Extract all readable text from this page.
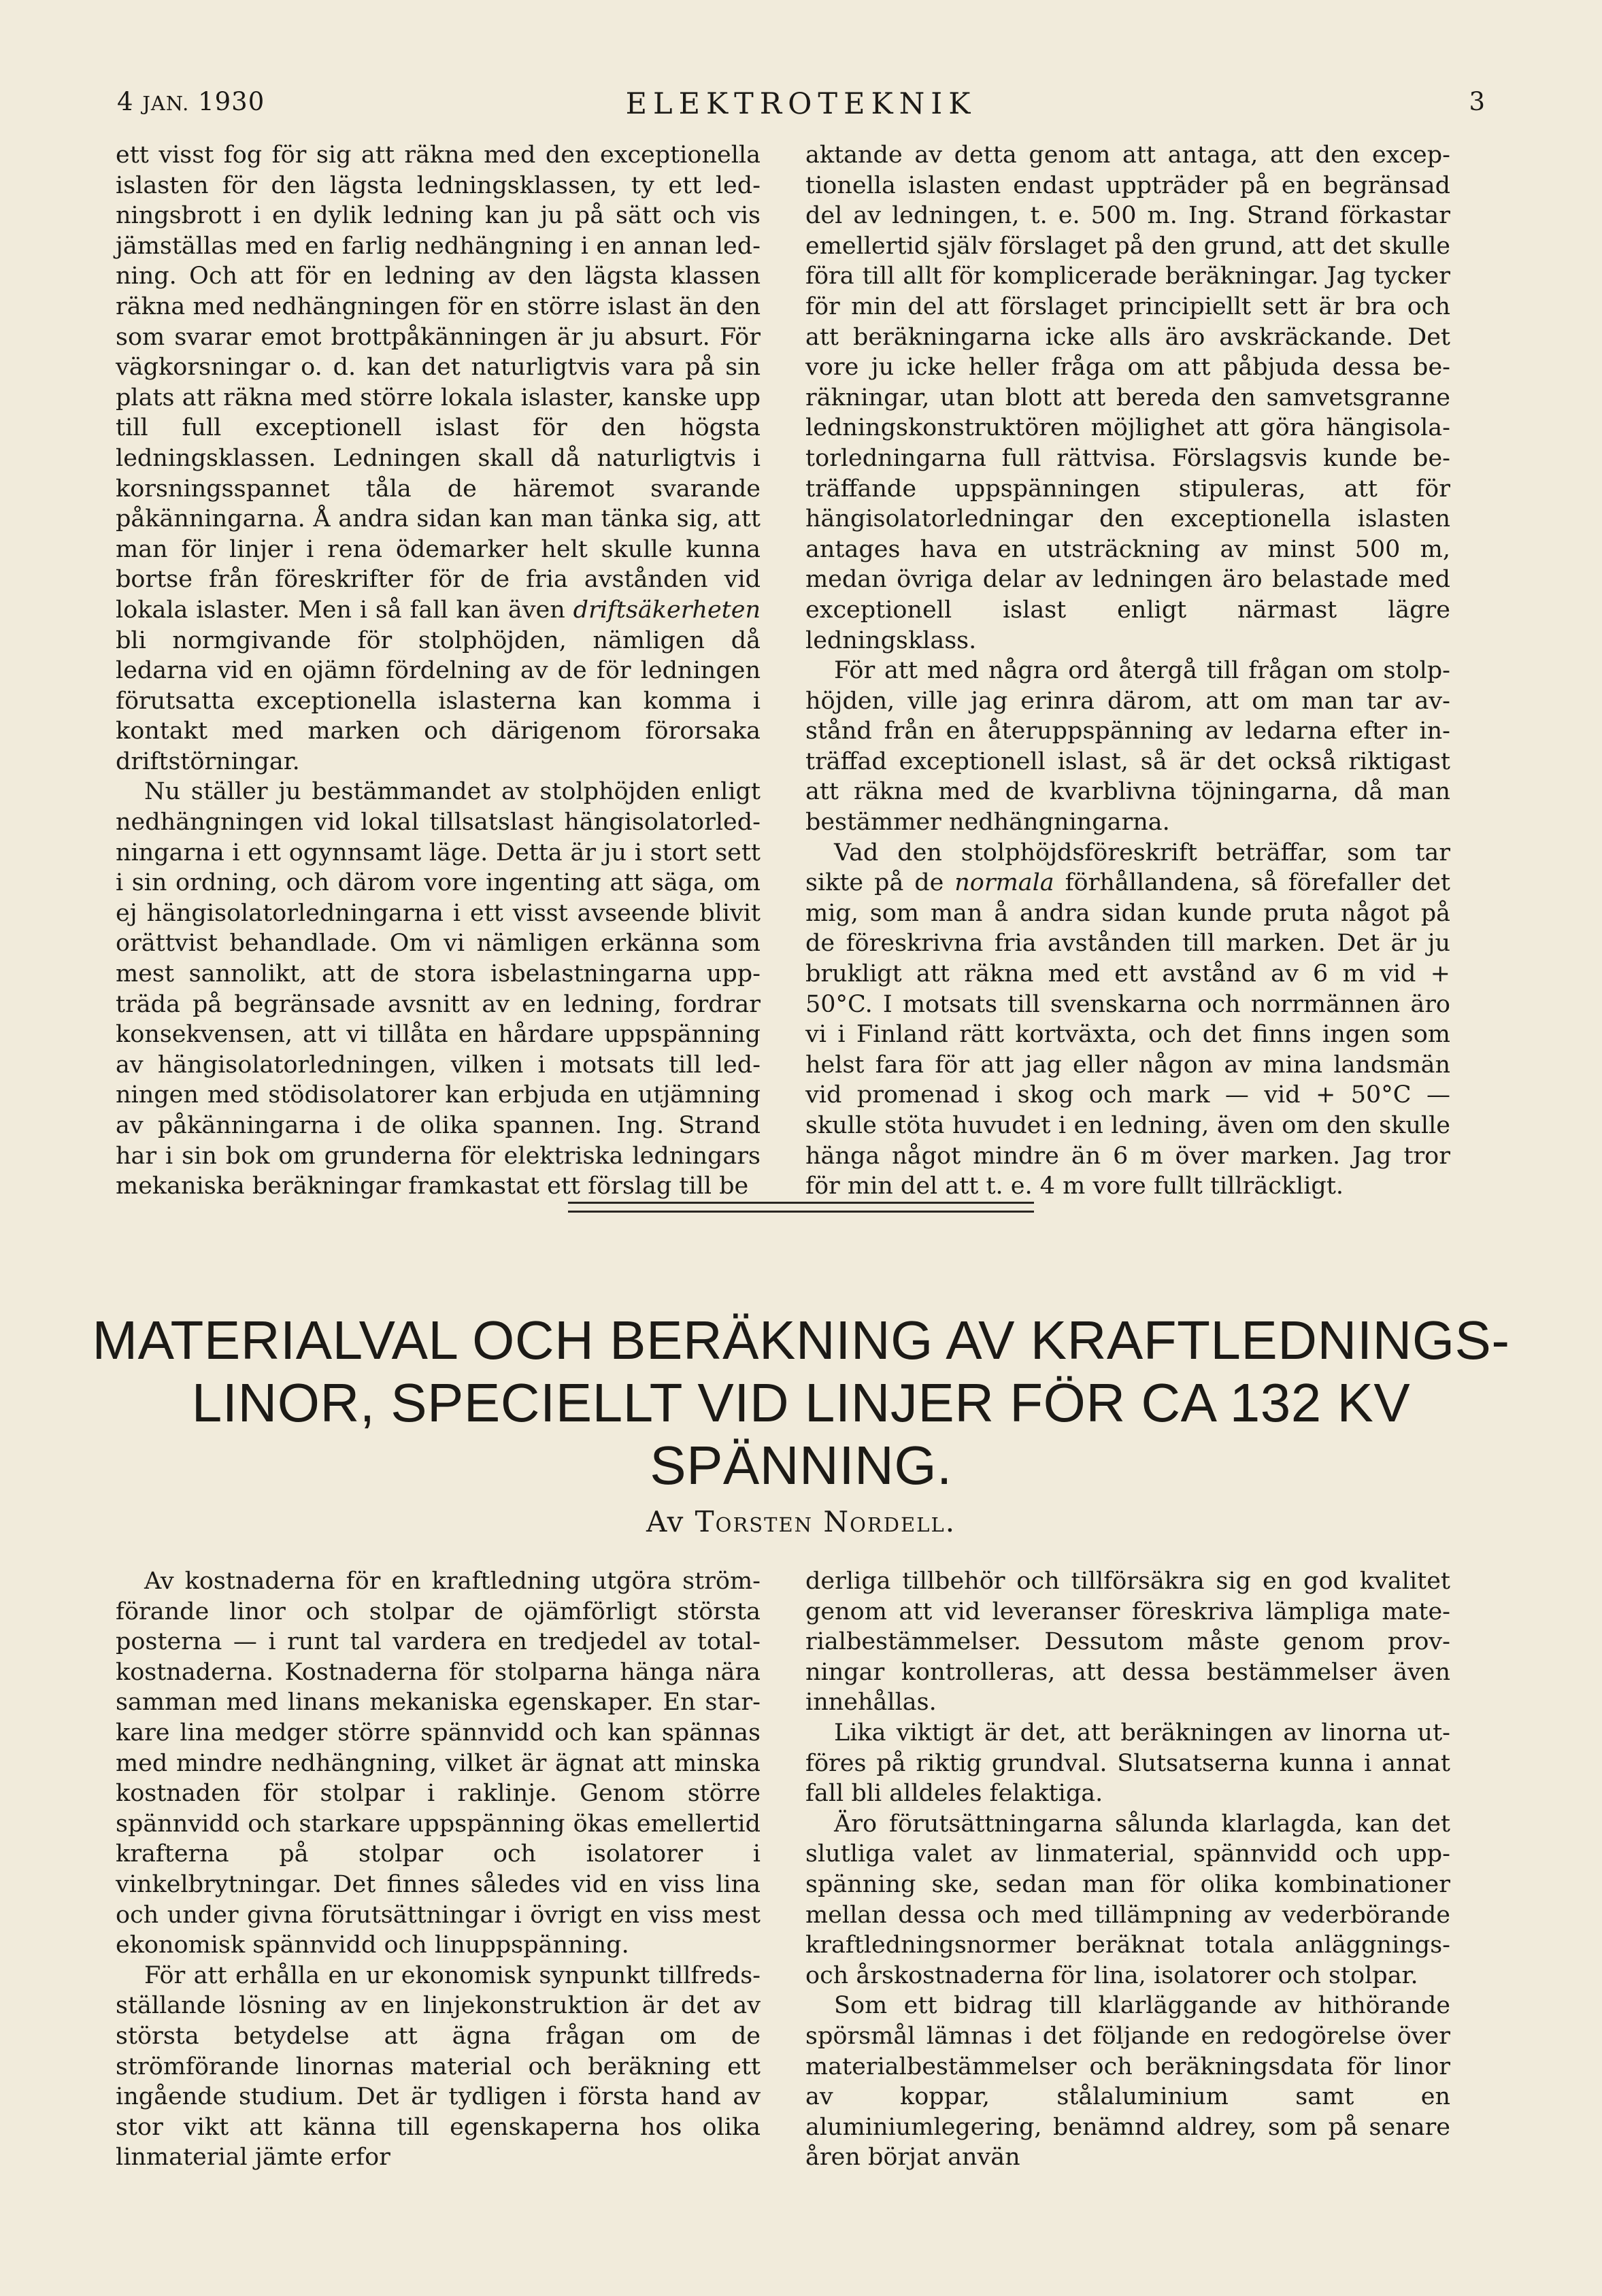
4 JAN. 1930	ELEKTROTEKNIK	3

ett visst fog för sig att räkna med den exceptionella islasten för den lägsta ledningsklassen, ty ett ledningsbrott i en dylik ledning kan ju på sätt och vis jämställas med en farlig nedhängning i en annan ledning. Och att för en ledning av den lägsta klassen räkna med nedhängningen för en större islast än den som svarar emot brottpåkänningen är ju absurt. För vägkorsningar o. d. kan det naturligtvis vara på sin plats att räkna med större lokala islaster, kanske upp till full exceptionell islast för den högsta ledningsklassen. Ledningen skall då naturligtvis i korsningsspannet tåla de häremot svarande påkänningarna. Å andra sidan kan man tänka sig, att man för linjer i rena ödemarker helt skulle kunna bortse från föreskrifter för de fria avstånden vid lokala islaster. Men i så fall kan även driftsäkerheten bli normgivande för stolphöjden, nämligen då ledarna vid en ojämn fördelning av de för ledningen förutsatta exceptionella islasterna kan komma i kontakt med marken och därigenom förorsaka driftstörningar.

Nu ställer ju bestämmandet av stolphöjden enligt nedhängningen vid lokal tillsatslast hängisolatorledningarna i ett ogynnsamt läge. Detta är ju i stort sett i sin ordning, och därom vore ingenting att säga, om ej hängisolatorledningarna i ett visst avseende blivit orättvist behandlade. Om vi nämligen erkänna som mest sannolikt, att de stora isbelastningarna uppträda på begränsade avsnitt av en ledning, fordrar konsekvensen, att vi tillåta en hårdare uppspänning av hängisolatorledningen, vilken i motsats till ledningen med stödisolatorer kan erbjuda en utjämning av påkänningarna i de olika spannen. Ing. Strand har i sin bok om grunderna för elektriska ledningars mekaniska beräkningar framkastat ett förslag till be

aktande av detta genom att antaga, att den exceptionella islasten endast uppträder på en begränsad del av ledningen, t. e. 500 m. Ing. Strand förkastar emellertid själv förslaget på den grund, att det skulle föra till allt för komplicerade beräkningar. Jag tycker för min del att förslaget principiellt sett är bra och att beräkningarna icke alls äro avskräckande. Det vore ju icke heller fråga om att påbjuda dessa beräkningar, utan blott att bereda den samvetsgranne ledningskonstruktören möjlighet att göra hängisolatorledningarna full rättvisa. Förslagsvis kunde beträffande uppspänningen stipuleras, att för hängisolatorledningar den exceptionella islasten antages hava en utsträckning av minst 500 m, medan övriga delar av ledningen äro belastade med exceptionell islast enligt närmast lägre ledningsklass.

För att med några ord återgå till frågan om stolphöjden, ville jag erinra därom, att om man tar avstånd från en återuppspänning av ledarna efter inträffad exceptionell islast, så är det också riktigast att räkna med de kvarblivna töjningarna, då man bestämmer nedhängningarna.

Vad den stolphöjdsföreskrift beträffar, som tar sikte på de normala förhållandena, så förefaller det mig, som man å andra sidan kunde pruta något på de föreskrivna fria avstånden till marken. Det är ju brukligt att räkna med ett avstånd av 6 m vid + 50°C. I motsats till svenskarna och norrmännen äro vi i Finland rätt kortväxta, och det finns ingen som helst fara för att jag eller någon av mina landsmän vid promenad i skog och mark — vid + 50°C — skulle stöta huvudet i en ledning, även om den skulle hänga något mindre än 6 m över marken. Jag tror för min del att t. e. 4 m vore fullt tillräckligt.

MATERIALVAL OCH BERÄKNING AV KRAFTLEDNINGS-
LINOR, SPECIELLT VID LINJER FÖR CA 132 KV
SPÄNNING.
Av Torsten Nordell.

Av kostnaderna för en kraftledning utgöra strömförande linor och stolpar de ojämförligt största posterna — i runt tal vardera en tredjedel av totalkostnaderna. Kostnaderna för stolparna hänga nära samman med linans mekaniska egenskaper. En starkare lina medger större spännvidd och kan spännas med mindre nedhängning, vilket är ägnat att minska kostnaden för stolpar i raklinje. Genom större spännvidd och starkare uppspänning ökas emellertid krafterna på stolpar och isolatorer i vinkelbrytningar. Det finnes således vid en viss lina och under givna förutsättningar i övrigt en viss mest ekonomisk spännvidd och linuppspänning.

För att erhålla en ur ekonomisk synpunkt tillfredsställande lösning av en linjekonstruktion är det av största betydelse att ägna frågan om de strömförande linornas material och beräkning ett ingående studium. Det är tydligen i första hand av stor vikt att känna till egenskaperna hos olika linmaterial jämte erfor

derliga tillbehör och tillförsäkra sig en god kvalitet genom att vid leveranser föreskriva lämpliga materialbestämmelser. Dessutom måste genom provningar kontrolleras, att dessa bestämmelser även innehållas.

Lika viktigt är det, att beräkningen av linorna utföres på riktig grundval. Slutsatserna kunna i annat fall bli alldeles felaktiga.

Äro förutsättningarna sålunda klarlagda, kan det slutliga valet av linmaterial, spännvidd och uppspänning ske, sedan man för olika kombinationer mellan dessa och med tillämpning av vederbörande kraftledningsnormer beräknat totala anläggnings- och årskostnaderna för lina, isolatorer och stolpar.

Som ett bidrag till klarläggande av hithörande spörsmål lämnas i det följande en redogörelse över materialbestämmelser och beräkningsdata för linor av koppar, stålaluminium samt en aluminiumlegering, benämnd aldrey, som på senare åren börjat använ
